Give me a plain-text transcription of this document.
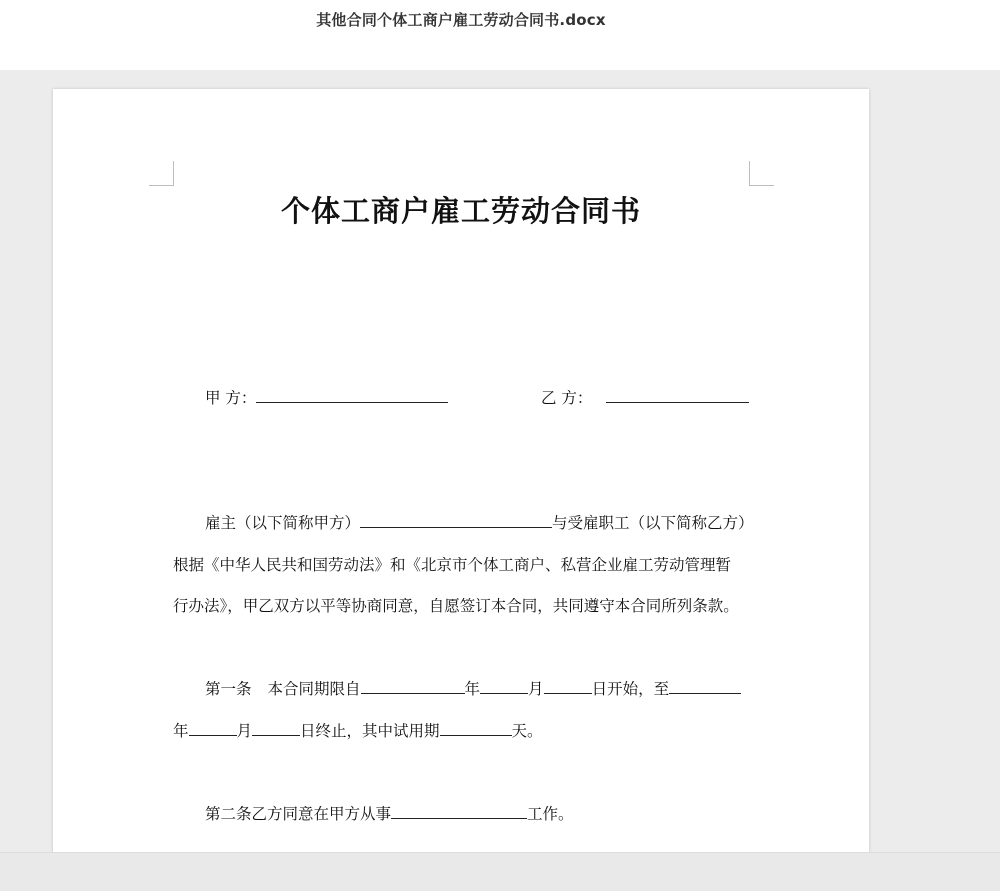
其他合同个体工商户雇工劳动合同书.docx
个体工商户雇工劳动合同书
甲 方：	乙 方：
雇主（以下简称甲方）	与受雇职工（以下简称乙方）
根据《中华人民共和国劳动法》和《北京市个体工商户、私营企业雇工劳动管理暂
行办法》，甲乙双方以平等协商同意，自愿签订本合同，共同遵守本合同所列条款。
第一条 本合同期限自	年	月	日开始，至
年	月	日终止，其中试用期	天。
第二条乙方同意在甲方从事	工作。
